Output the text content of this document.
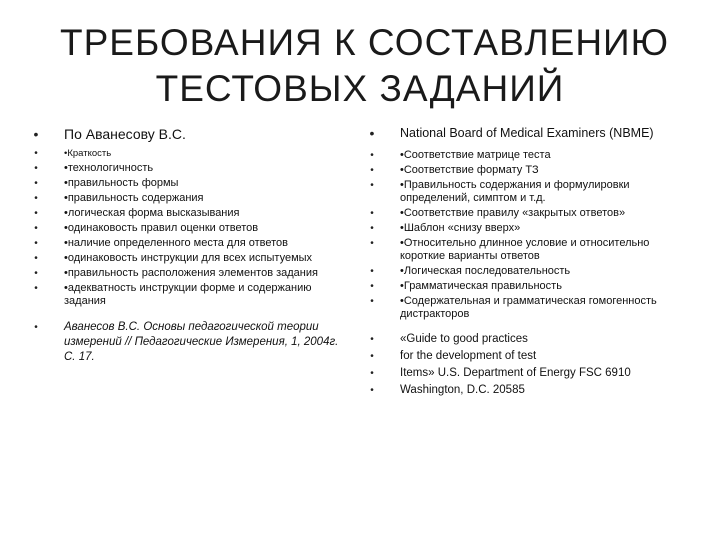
ТРЕБОВАНИЯ К СОСТАВЛЕНИЮ
ТЕСТОВЫХ ЗАДАНИЙ
• По Аванесову В.С.
•	•Краткость
•	•технологичность
•	•правильность формы
•	•правильность содержания
•	•логическая форма высказывания
•	•одинаковость правил оценки ответов
•	•наличие определенного места для ответов
•	•одинаковость инструкции для всех испытуемых
•	•правильность расположения элементов задания
•	•адекватность инструкции форме и содержанию задания
•	Аванесов В.С. Основы педагогической теории измерений // Педагогические Измерения, 1, 2004г. С. 17.
• National Board of Medical Examiners (NBME)
•	•Соответствие матрице теста
•	•Соответствие формату ТЗ
•	•Правильность содержания и формулировки определений, симптом и т.д.
•	•Соответствие правилу «закрытых ответов»
•	•Шаблон «снизу вверх»
•	•Относительно длинное условие и относительно короткие варианты ответов
•	•Логическая последовательность
•	•Грамматическая правильность
•	•Содержательная и грамматическая гомогенность дистракторов
•	«Guide to good practices
•	for the development of test
•	Items» U.S. Department of Energy FSC 6910
•	Washington, D.C. 20585
